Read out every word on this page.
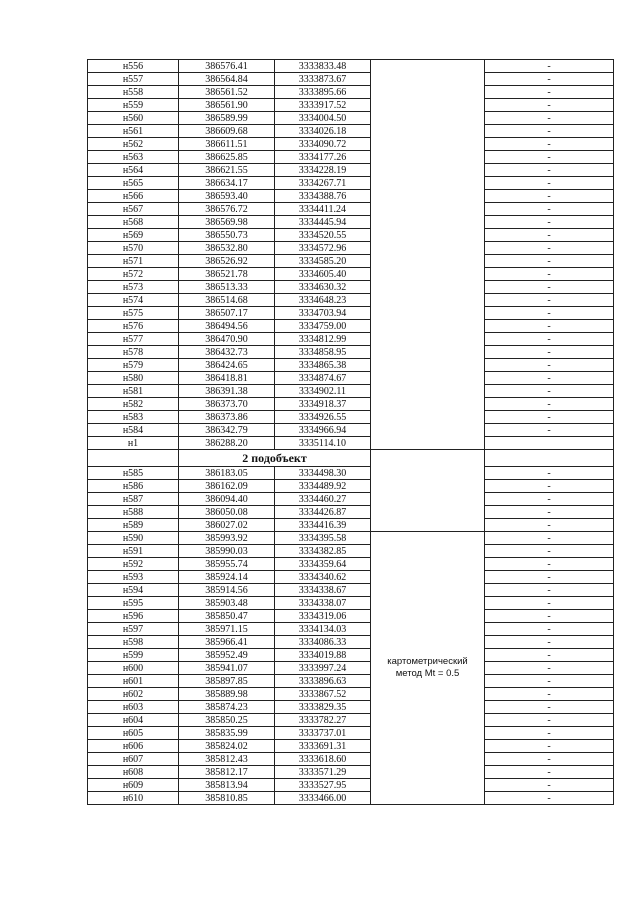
н556	386576.41	3333833.48		-
н557	386564.84	3333873.67		-
н558	386561.52	3333895.66		-
н559	386561.90	3333917.52		-
н560	386589.99	3334004.50		-
н561	386609.68	3334026.18		-
н562	386611.51	3334090.72		-
н563	386625.85	3334177.26		-
н564	386621.55	3334228.19		-
н565	386634.17	3334267.71		-
н566	386593.40	3334388.76		-
н567	386576.72	3334411.24		-
н568	386569.98	3334445.94		-
н569	386550.73	3334520.55		-
н570	386532.80	3334572.96		-
н571	386526.92	3334585.20		-
н572	386521.78	3334605.40		-
н573	386513.33	3334630.32		-
н574	386514.68	3334648.23		-
н575	386507.17	3334703.94		-
н576	386494.56	3334759.00		-
н577	386470.90	3334812.99		-
н578	386432.73	3334858.95		-
н579	386424.65	3334865.38		-
н580	386418.81	3334874.67		-
н581	386391.38	3334902.11		-
н582	386373.70	3334918.37		-
н583	386373.86	3334926.55		-
н584	386342.79	3334966.94		-
н1	386288.20	3335114.10		
	2 подобъект			
н585	386183.05	3334498.30		-
н586	386162.09	3334489.92		-
н587	386094.40	3334460.27		-
н588	386050.08	3334426.87		-
н589	386027.02	3334416.39		-
н590	385993.92	3334395.58	картометрический
метод Mt = 0.5	-
н591	385990.03	3334382.85		-
н592	385955.74	3334359.64		-
н593	385924.14	3334340.62		-
н594	385914.56	3334338.67		-
н595	385903.48	3334338.07		-
н596	385850.47	3334319.06		-
н597	385971.15	3334134.03		-
н598	385966.41	3334086.33		-
н599	385952.49	3334019.88		-
н600	385941.07	3333997.24		-
н601	385897.85	3333896.63		-
н602	385889.98	3333867.52		-
н603	385874.23	3333829.35		-
н604	385850.25	3333782.27		-
н605	385835.99	3333737.01		-
н606	385824.02	3333691.31		-
н607	385812.43	3333618.60		-
н608	385812.17	3333571.29		-
н609	385813.94	3333527.95		-
н610	385810.85	3333466.00		-
